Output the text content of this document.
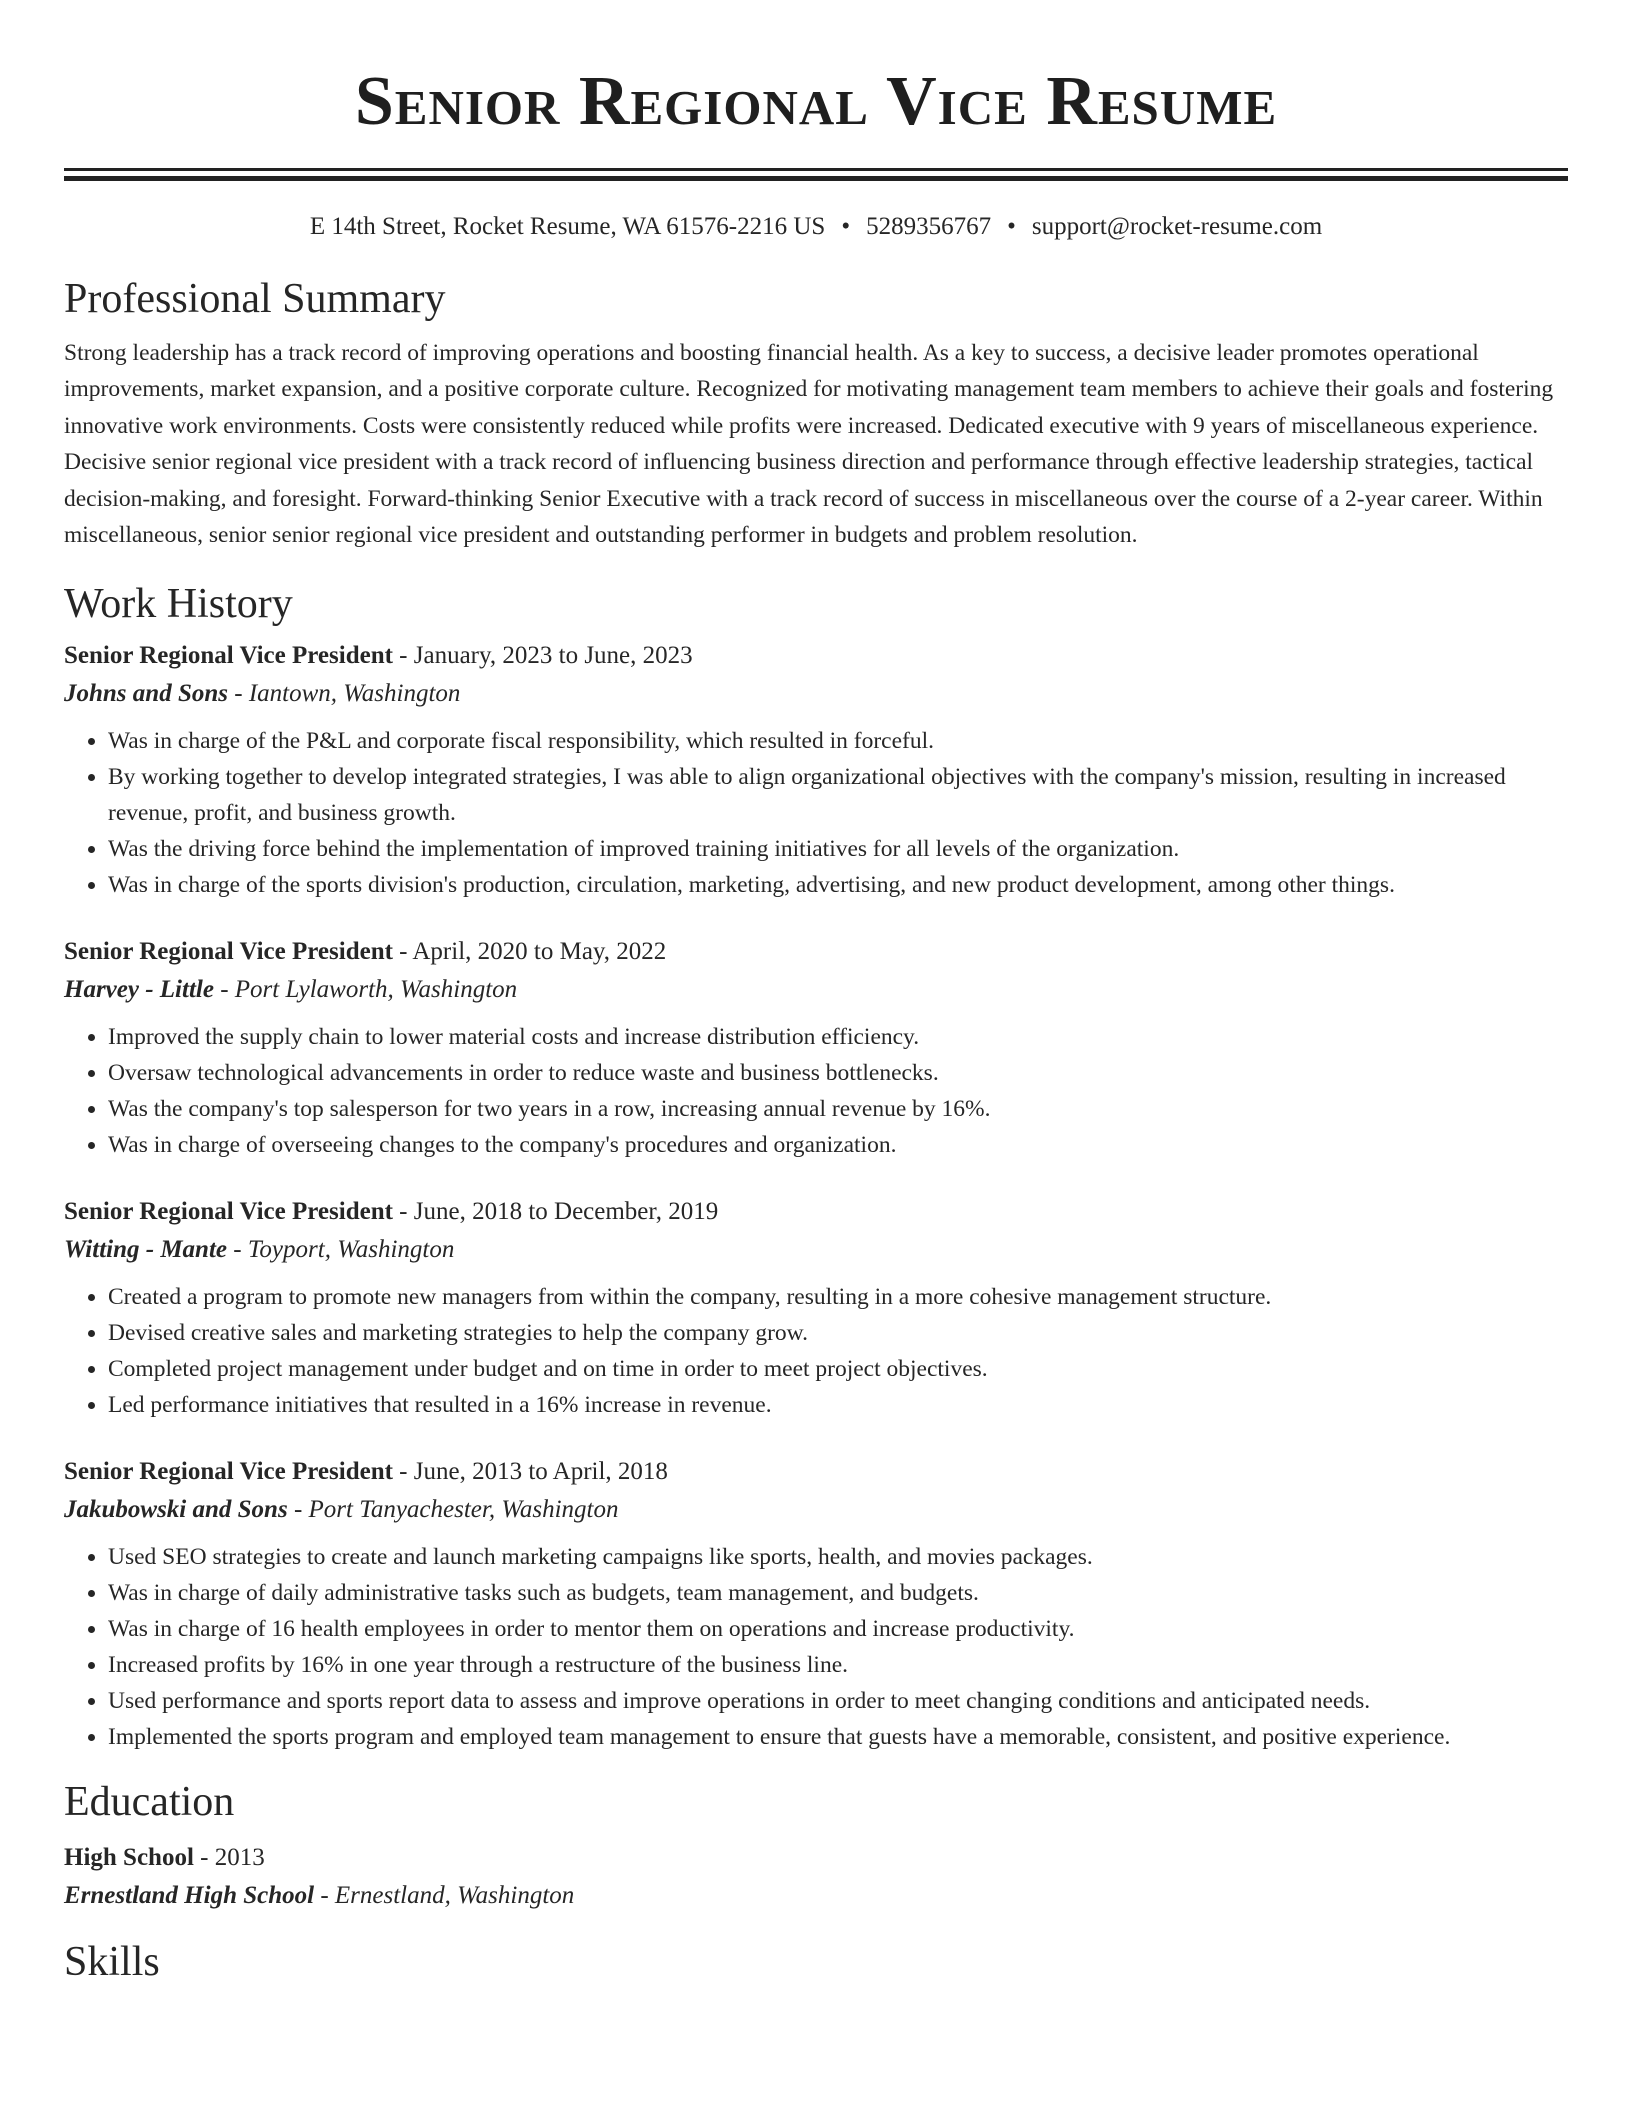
Senior Regional Vice Resume
E 14th Street, Rocket Resume, WA 61576-2216 US • 5289356767 • support@rocket-resume.com
Professional Summary
Strong leadership has a track record of improving operations and boosting financial health. As a key to success, a decisive leader promotes operational improvements, market expansion, and a positive corporate culture. Recognized for motivating management team members to achieve their goals and fostering innovative work environments. Costs were consistently reduced while profits were increased. Dedicated executive with 9 years of miscellaneous experience. Decisive senior regional vice president with a track record of influencing business direction and performance through effective leadership strategies, tactical decision-making, and foresight. Forward-thinking Senior Executive with a track record of success in miscellaneous over the course of a 2-year career. Within miscellaneous, senior senior regional vice president and outstanding performer in budgets and problem resolution.
Work History
Senior Regional Vice President - January, 2023 to June, 2023
Johns and Sons - Iantown, Washington
• Was in charge of the P&L and corporate fiscal responsibility, which resulted in forceful.
• By working together to develop integrated strategies, I was able to align organizational objectives with the company's mission, resulting in increased revenue, profit, and business growth.
• Was the driving force behind the implementation of improved training initiatives for all levels of the organization.
• Was in charge of the sports division's production, circulation, marketing, advertising, and new product development, among other things.
Senior Regional Vice President - April, 2020 to May, 2022
Harvey - Little - Port Lylaworth, Washington
• Improved the supply chain to lower material costs and increase distribution efficiency.
• Oversaw technological advancements in order to reduce waste and business bottlenecks.
• Was the company's top salesperson for two years in a row, increasing annual revenue by 16%.
• Was in charge of overseeing changes to the company's procedures and organization.
Senior Regional Vice President - June, 2018 to December, 2019
Witting - Mante - Toyport, Washington
• Created a program to promote new managers from within the company, resulting in a more cohesive management structure.
• Devised creative sales and marketing strategies to help the company grow.
• Completed project management under budget and on time in order to meet project objectives.
• Led performance initiatives that resulted in a 16% increase in revenue.
Senior Regional Vice President - June, 2013 to April, 2018
Jakubowski and Sons - Port Tanyachester, Washington
• Used SEO strategies to create and launch marketing campaigns like sports, health, and movies packages.
• Was in charge of daily administrative tasks such as budgets, team management, and budgets.
• Was in charge of 16 health employees in order to mentor them on operations and increase productivity.
• Increased profits by 16% in one year through a restructure of the business line.
• Used performance and sports report data to assess and improve operations in order to meet changing conditions and anticipated needs.
• Implemented the sports program and employed team management to ensure that guests have a memorable, consistent, and positive experience.
Education
High School - 2013
Ernestland High School - Ernestland, Washington
Skills
